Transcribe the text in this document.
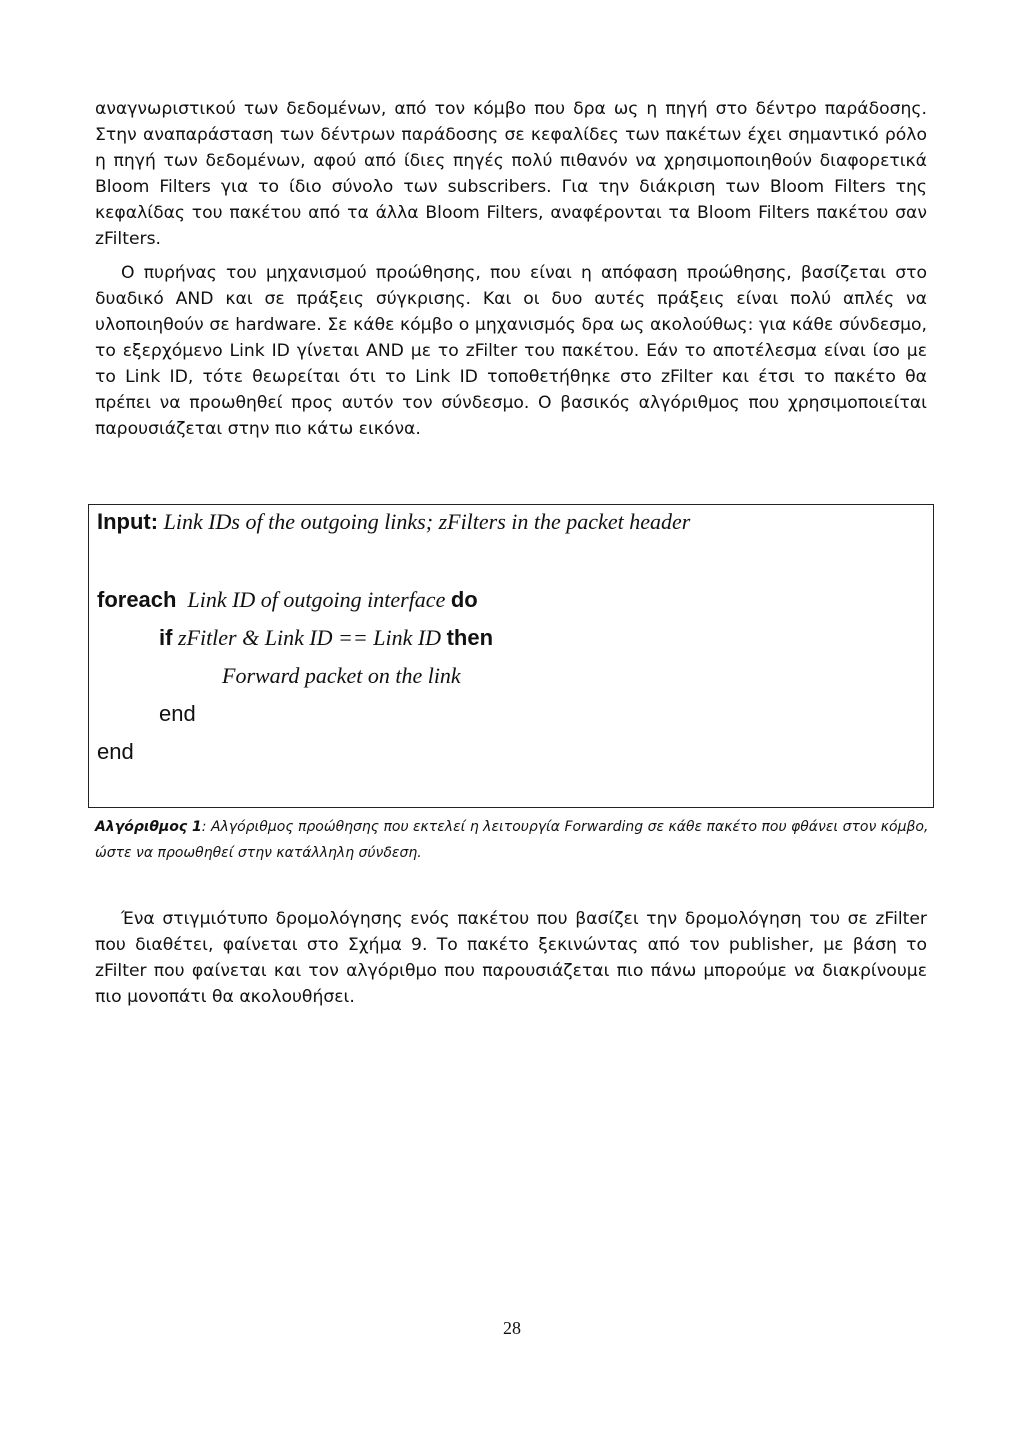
αναγνωριστικού των δεδομένων, από τον κόμβο που δρα ως η πηγή στο δέντρο παράδοσης. Στην αναπαράσταση των δέντρων παράδοσης σε κεφαλίδες των πακέτων έχει σημαντικό ρόλο η πηγή των δεδομένων, αφού από ίδιες πηγές πολύ πιθανόν να χρησιμοποιηθούν διαφορετικά Bloom Filters για το ίδιο σύνολο των subscribers. Για την διάκριση των Bloom Filters της κεφαλίδας του πακέτου από τα άλλα Bloom Filters, αναφέρονται τα Bloom Filters πακέτου σαν zFilters.

Ο πυρήνας του μηχανισμού προώθησης, που είναι η απόφαση προώθησης, βασίζεται στο δυαδικό AND και σε πράξεις σύγκρισης. Και οι δυο αυτές πράξεις είναι πολύ απλές να υλοποιηθούν σε hardware. Σε κάθε κόμβο ο μηχανισμός δρα ως ακολούθως: για κάθε σύνδεσμο, το εξερχόμενο Link ID γίνεται AND με το zFilter του πακέτου. Εάν το αποτέλεσμα είναι ίσο με το Link ID, τότε θεωρείται ότι το Link ID τοποθετήθηκε στο zFilter και έτσι το πακέτο θα πρέπει να προωθηθεί προς αυτόν τον σύνδεσμο. Ο βασικός αλγόριθμος που χρησιμοποιείται παρουσιάζεται στην πιο κάτω εικόνα.

Input: Link IDs of the outgoing links; zFilters in the packet header
foreach Link ID of outgoing interface do
if zFitler & Link ID == Link ID then
Forward packet on the link
end
end

Αλγόριθμος 1: Αλγόριθμος προώθησης που εκτελεί η λειτουργία Forwarding σε κάθε πακέτο που φθάνει στον κόμβο, ώστε να προωθηθεί στην κατάλληλη σύνδεση.

Ένα στιγμιότυπο δρομολόγησης ενός πακέτου που βασίζει την δρομολόγηση του σε zFilter που διαθέτει, φαίνεται στο Σχήμα 9. Το πακέτο ξεκινώντας από τον publisher, με βάση το zFilter που φαίνεται και τον αλγόριθμο που παρουσιάζεται πιο πάνω μπορούμε να διακρίνουμε πιο μονοπάτι θα ακολουθήσει.

28
